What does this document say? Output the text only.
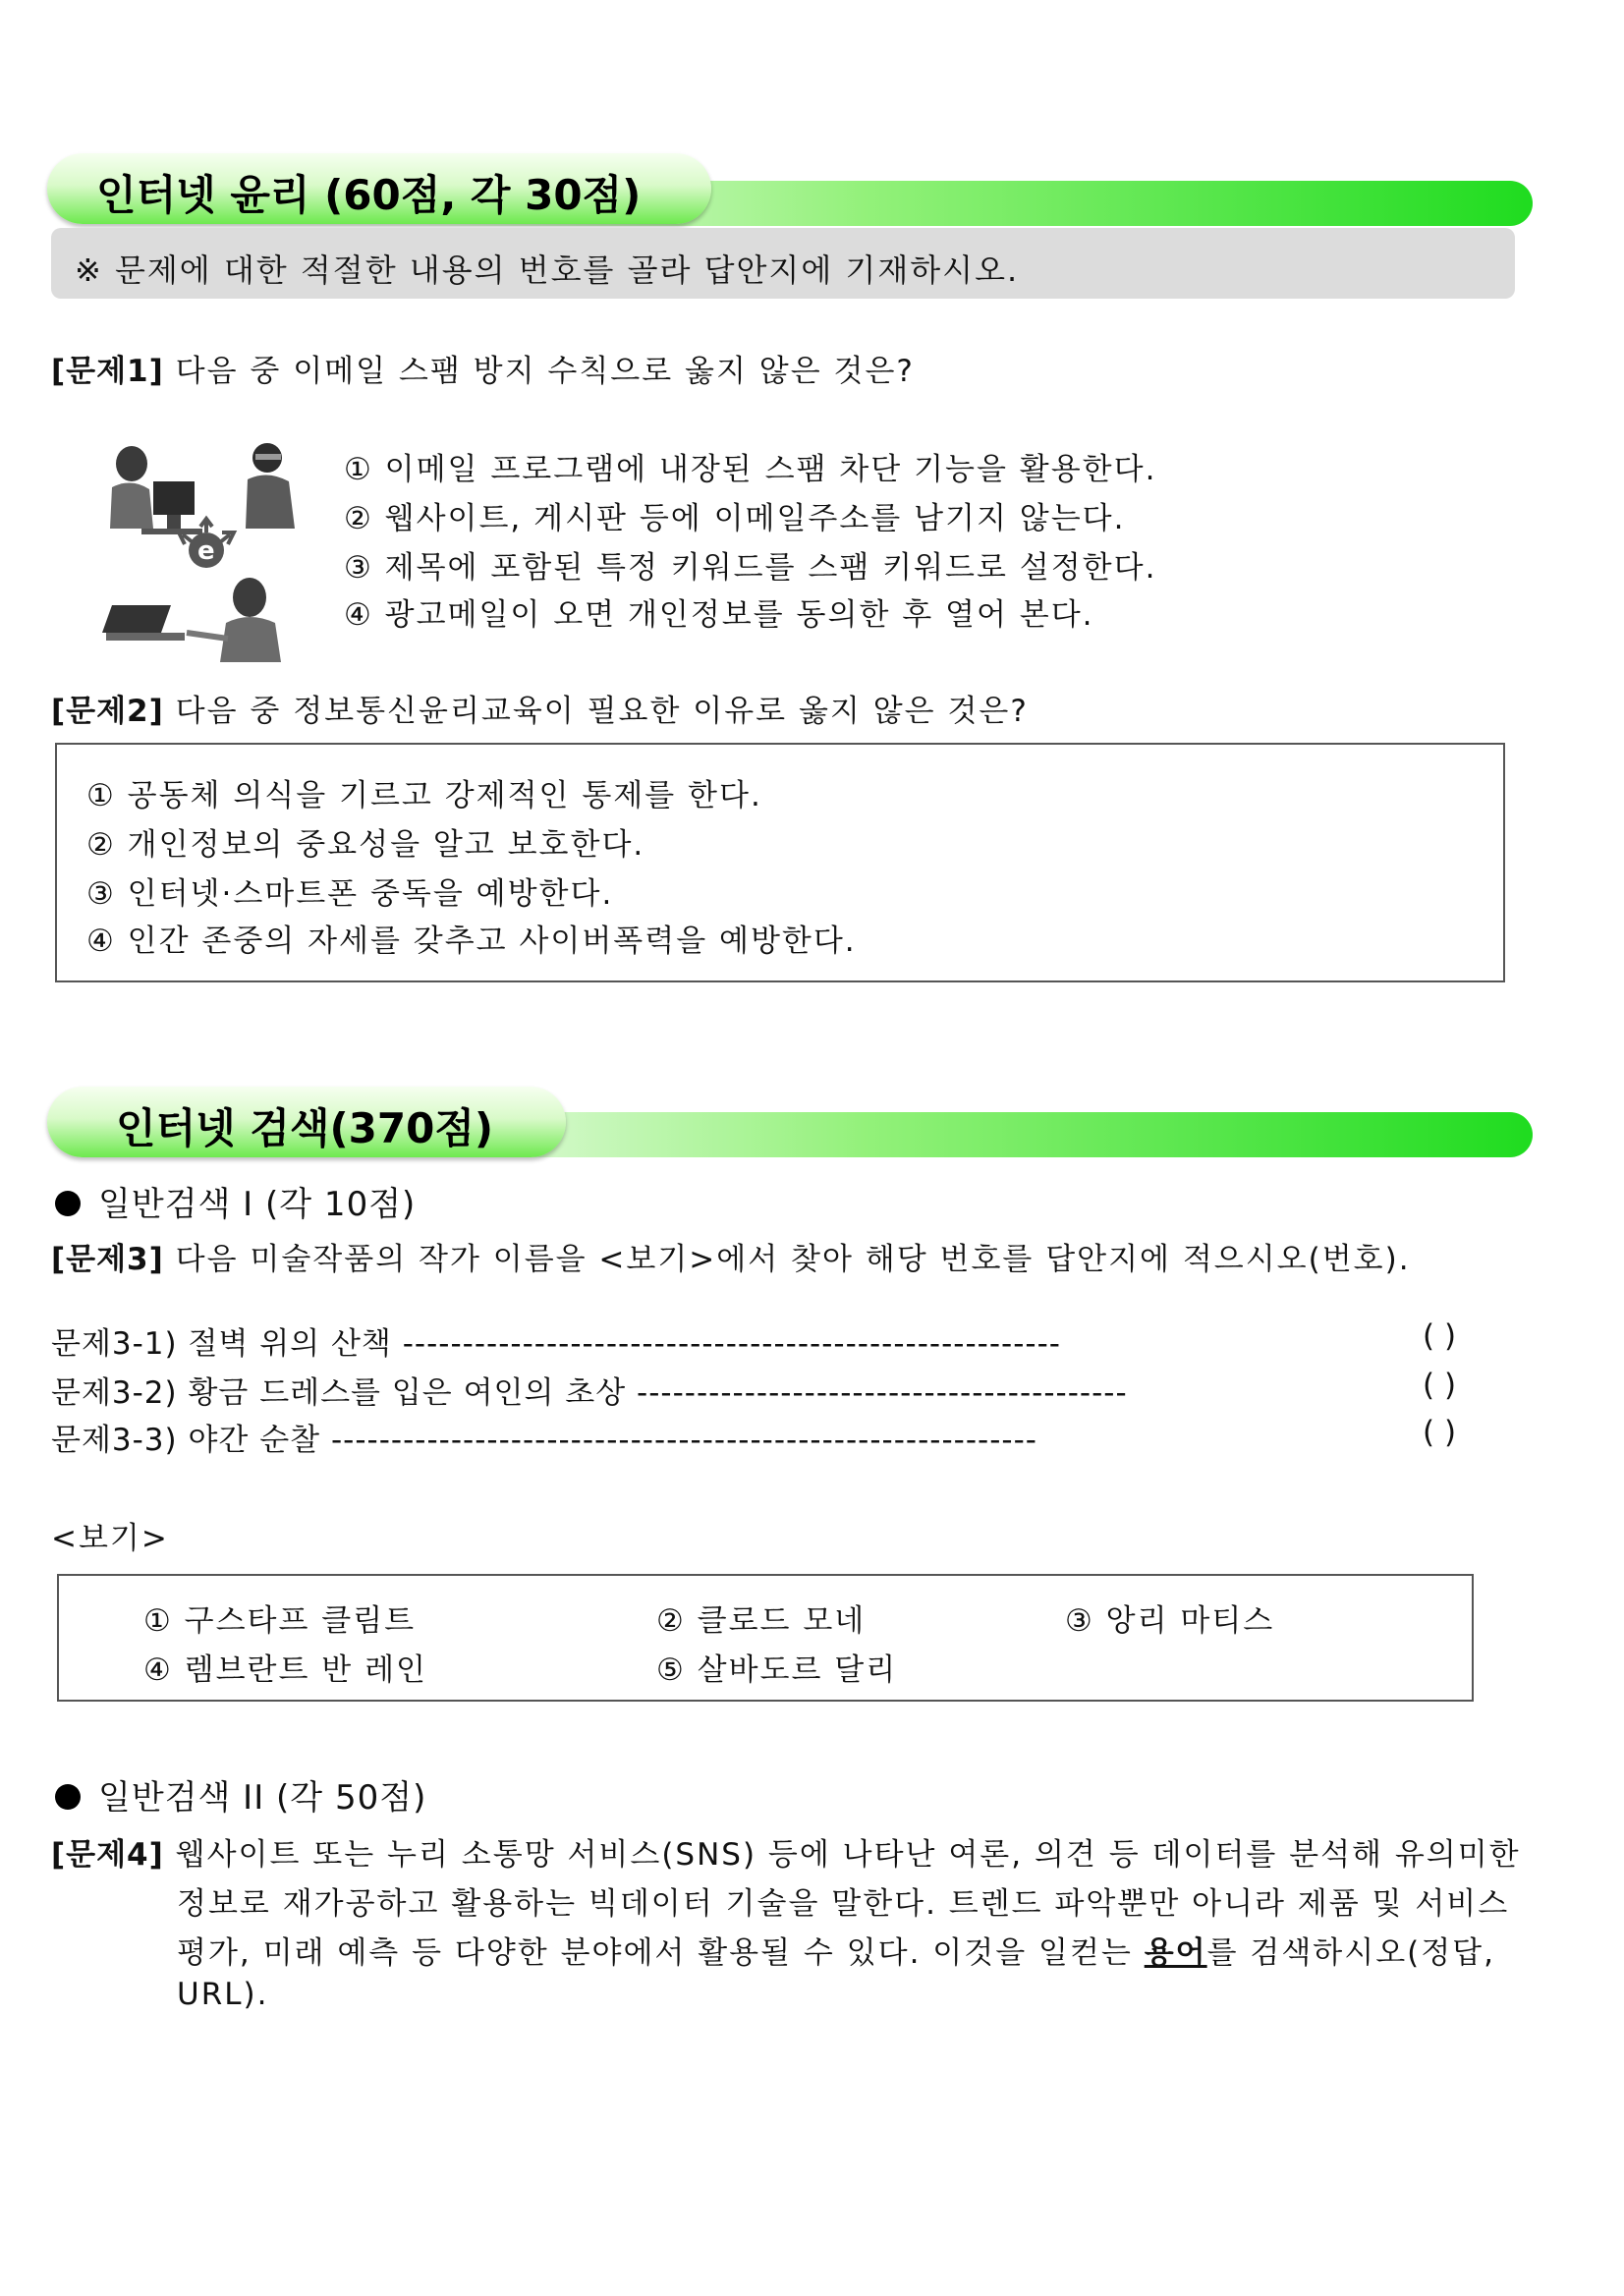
인터넷 윤리 (60점, 각 30점)
※ 문제에 대한 적절한 내용의 번호를 골라 답안지에 기재하시오.
[문제1] 다음 중 이메일 스팸 방지 수칙으로 옳지 않은 것은?
e
① 이메일 프로그램에 내장된 스팸 차단 기능을 활용한다.
② 웹사이트, 게시판 등에 이메일주소를 남기지 않는다.
③ 제목에 포함된 특정 키워드를 스팸 키워드로 설정한다.
④ 광고메일이 오면 개인정보를 동의한 후 열어 본다.
[문제2] 다음 중 정보통신윤리교육이 필요한 이유로 옳지 않은 것은?
① 공동체 의식을 기르고 강제적인 통제를 한다.
② 개인정보의 중요성을 알고 보호한다.
③ 인터넷·스마트폰 중독을 예방한다.
④ 인간 존중의 자세를 갖추고 사이버폭력을 예방한다.
인터넷 검색(370점)
일반검색 I (각 10점)
[문제3] 다음 미술작품의 작가 이름을 <보기>에서 찾아 해당 번호를 답안지에 적으시오(번호).
문제3-1) 절벽 위의 산책 -------------------------------------------------------	( )
문제3-2) 황금 드레스를 입은 여인의 초상 -----------------------------------------	( )
문제3-3) 야간 순찰 -----------------------------------------------------------	( )
<보기>
① 구스타프 클림트	② 클로드 모네	③ 앙리 마티스
④ 렘브란트 반 레인	⑤ 살바도르 달리
일반검색 II (각 50점)
[문제4] 웹사이트 또는 누리 소통망 서비스(SNS) 등에 나타난 여론, 의견 등 데이터를 분석해 유의미한
정보로 재가공하고 활용하는 빅데이터 기술을 말한다. 트렌드 파악뿐만 아니라 제품 및 서비스
평가, 미래 예측 등 다양한 분야에서 활용될 수 있다. 이것을 일컫는 용어를 검색하시오(정답,
URL).
